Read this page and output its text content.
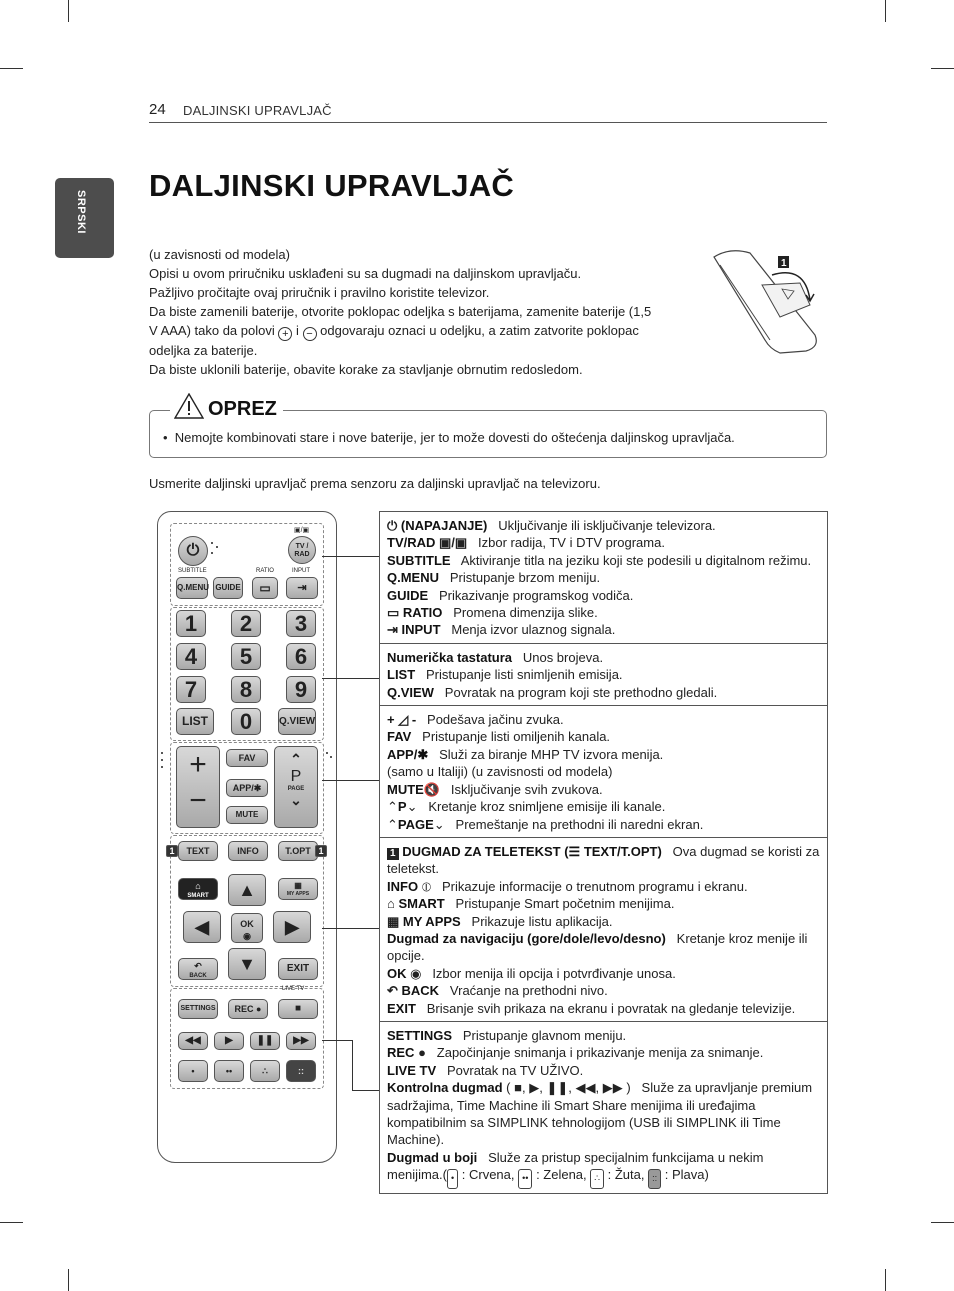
24 DALJINSKI UPRAVLJAČ
SRPSKI
DALJINSKI UPRAVLJAČ

(u zavisnosti od modela)

Opisi u ovom priručniku usklađeni su sa dugmadi na daljinskom upravljaču.

Pažljivo pročitajte ovaj priručnik i pravilno koristite televizor.

Da biste zamenili baterije, otvorite poklopac odeljka s baterijama, zamenite baterije (1,5

V AAA) tako da polovi + i − odgovaraju oznaci u odeljku, a zatim zatvorite poklopac

odeljka za baterije.

Da biste uklonili baterije, obavite korake za stavljanje obrnutim redosledom.

1
OPREZ
•  Nemojte kombinovati stare i nove baterije, jer to može dovesti do oštećenja daljinskog upravljača.
Usmerite daljinski upravljač prema senzoru za daljinski upravljač na televizoru.
⏻
▣/▣
TV / RAD
SUBTITLE	RATIO	INPUT
Q.MENU GUIDE	▭	⇥
1	2	3
4	5	6
7	8	9
LIST	0	Q.VIEW
+
−
FAV
APP/✱
MUTE
⌃
P
PAGE
⌄
1	TEXT	INFO	T.OPT 1
⌂
SMART
▦
MY APPS
▲
◀	OK
◉	▶
↶
BACK
▼	EXIT
LIVE TV
SETTINGS	REC ●	■
◀◀	▶	❚❚	▶▶
•	••	∴	::
⏻ (NAPAJANJE) Uključivanje ili isključivanje televizora.
TV/RAD ▣/▣ Izbor radija, TV i DTV programa.
SUBTITLE Aktiviranje titla na jeziku koji ste podesili u digitalnom režimu.
Q.MENU Pristupanje brzom meniju.
GUIDE Prikazivanje programskog vodiča.
▭ RATIO Promena dimenzija slike.
⇥ INPUT Menja izvor ulaznog signala.
Numerička tastatura Unos brojeva.
LIST Pristupanje listi snimljenih emisija.
Q.VIEW Povratak na program koji ste prethodno gledali.
+ ◿ - Podešava jačinu zvuka.
FAV Pristupanje listi omiljenih kanala.
APP/✱ Služi za biranje MHP TV izvora menija.
(samo u Italiji) (u zavisnosti od modela)
MUTE🔇 Isključivanje svih zvukova.
⌃P⌄ Kretanje kroz snimljene emisije ili kanale.
⌃PAGE⌄ Premeštanje na prethodni ili naredni ekran.
1 DUGMAD ZA TELETEKST (☰ TEXT/T.OPT) Ova dugmad se koristi za teletekst.
INFO ⦶ Prikazuje informacije o trenutnom programu i ekranu.
⌂ SMART Pristupanje Smart početnim menijima.
▦ MY APPS Prikazuje listu aplikacija.
Dugmad za navigaciju (gore/dole/levo/desno) Kretanje kroz menije ili opcije.
OK ◉ Izbor menija ili opcija i potvrđivanje unosa.
↶ BACK Vraćanje na prethodni nivo.
EXIT Brisanje svih prikaza na ekranu i povratak na gledanje televizije.
SETTINGS Pristupanje glavnom meniju.
REC ● Započinjanje snimanja i prikazivanje menija za snimanje.
LIVE TV Povratak na TV UŽIVO.
Kontrolna dugmad ( ■, ▶, ❚❚, ◀◀, ▶▶ ) Služe za upravljanje premium sadržajima, Time Machine ili Smart Share menijima ili uređajima kompatibilnim sa SIMPLINK tehnologijom (USB ili SIMPLINK ili Time Machine).
Dugmad u boji Služe za pristup specijalnim funkcijama u nekim menijima.( • : Crvena, •• : Zelena, ∴ : Žuta, :: : Plava)
